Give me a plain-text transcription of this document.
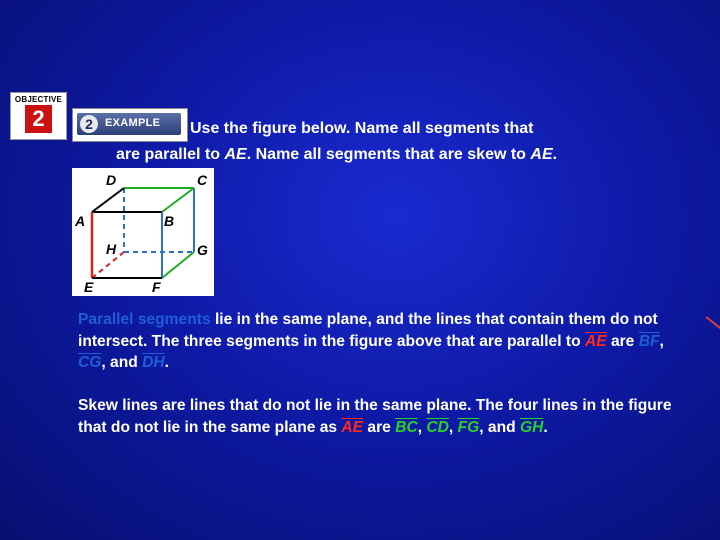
OBJECTIVE
2	2	EXAMPLE Use the figure below. Name all segments that
are parallel to AE. Name all segments that are skew to AE.
D	C
A	B
H	G
E	F
Parallel segments lie in the same plane, and the lines that contain them do not intersect. The three segments in the figure above that are parallel to $\overline{AE}$ are $\overline{BF}$, $\overline{CG}$, and $\overline{DH}$.
Skew lines are lines that do not lie in the same plane. The four lines in the figure that do not lie in the same plane as $\overline{AE}$ are $\overline{BC}$, $\overline{CD}$, $\overline{FG}$, and $\overline{GH}$.
